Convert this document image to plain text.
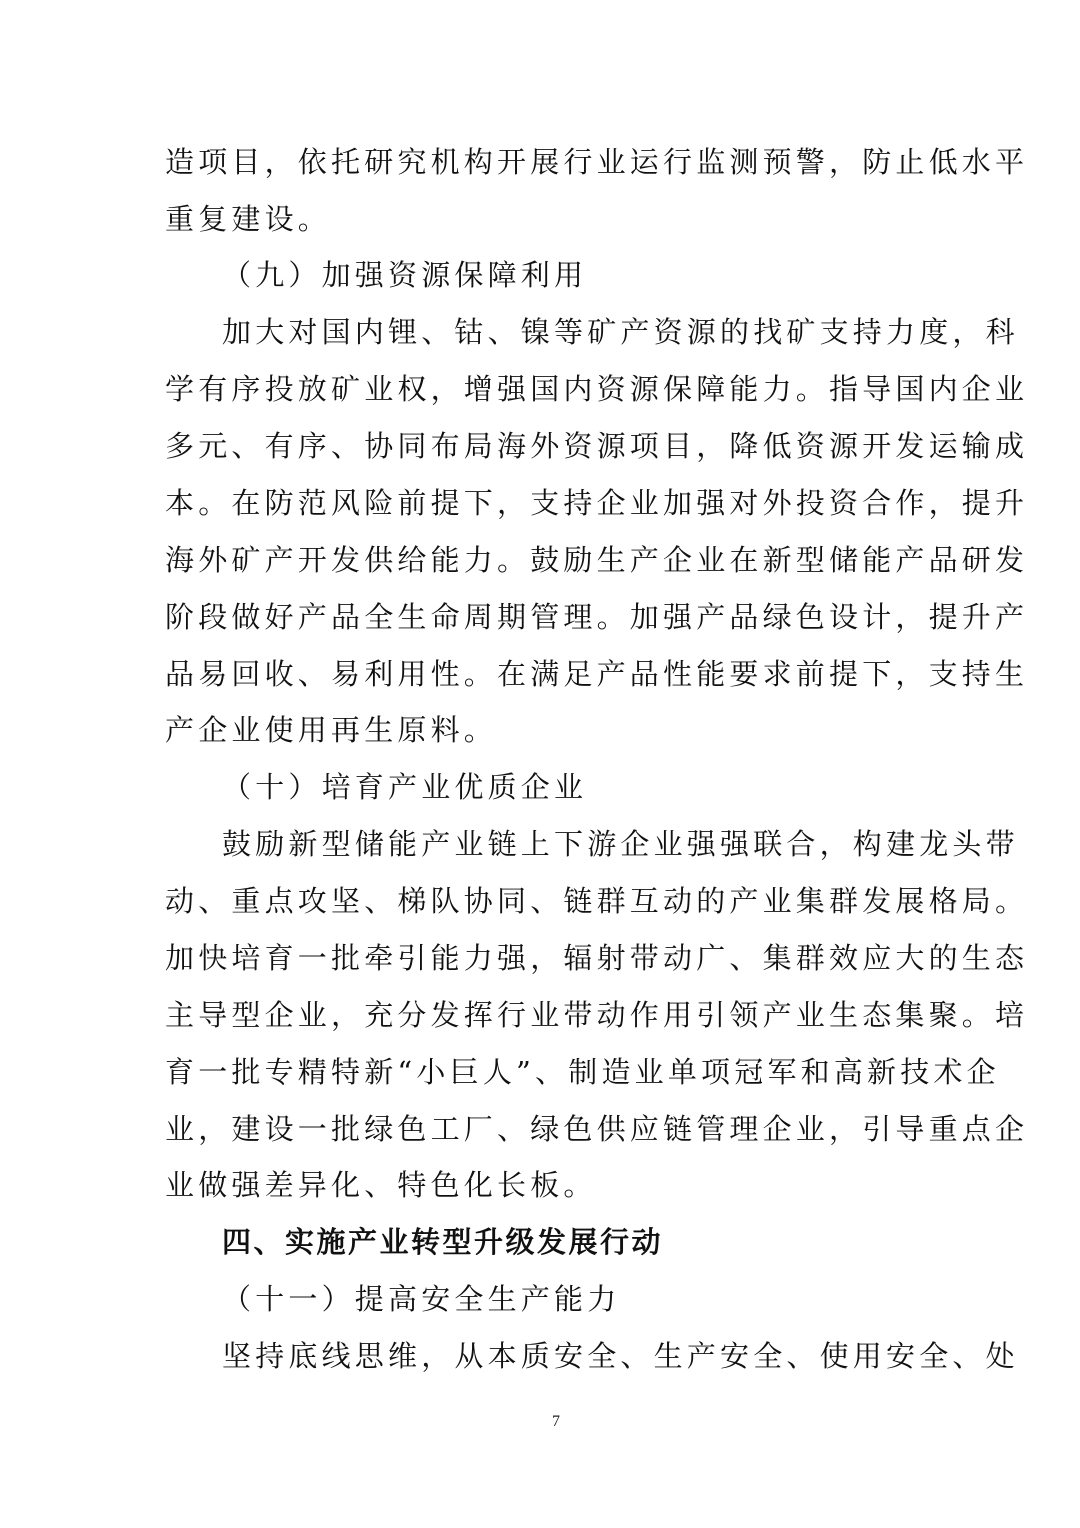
造项目，依托研究机构开展行业运行监测预警，防止低水平
重复建设。
（九）加强资源保障利用
加大对国内锂、钴、镍等矿产资源的找矿支持力度，科
学有序投放矿业权，增强国内资源保障能力。指导国内企业
多元、有序、协同布局海外资源项目，降低资源开发运输成
本。在防范风险前提下，支持企业加强对外投资合作，提升
海外矿产开发供给能力。鼓励生产企业在新型储能产品研发
阶段做好产品全生命周期管理。加强产品绿色设计，提升产
品易回收、易利用性。在满足产品性能要求前提下，支持生
产企业使用再生原料。
（十）培育产业优质企业
鼓励新型储能产业链上下游企业强强联合，构建龙头带
动、重点攻坚、梯队协同、链群互动的产业集群发展格局。
加快培育一批牵引能力强，辐射带动广、集群效应大的生态
主导型企业，充分发挥行业带动作用引领产业生态集聚。培
育一批专精特新“小巨人”、制造业单项冠军和高新技术企
业，建设一批绿色工厂、绿色供应链管理企业，引导重点企
业做强差异化、特色化长板。
四、实施产业转型升级发展行动
（十一）提高安全生产能力
坚持底线思维，从本质安全、生产安全、使用安全、处
7
